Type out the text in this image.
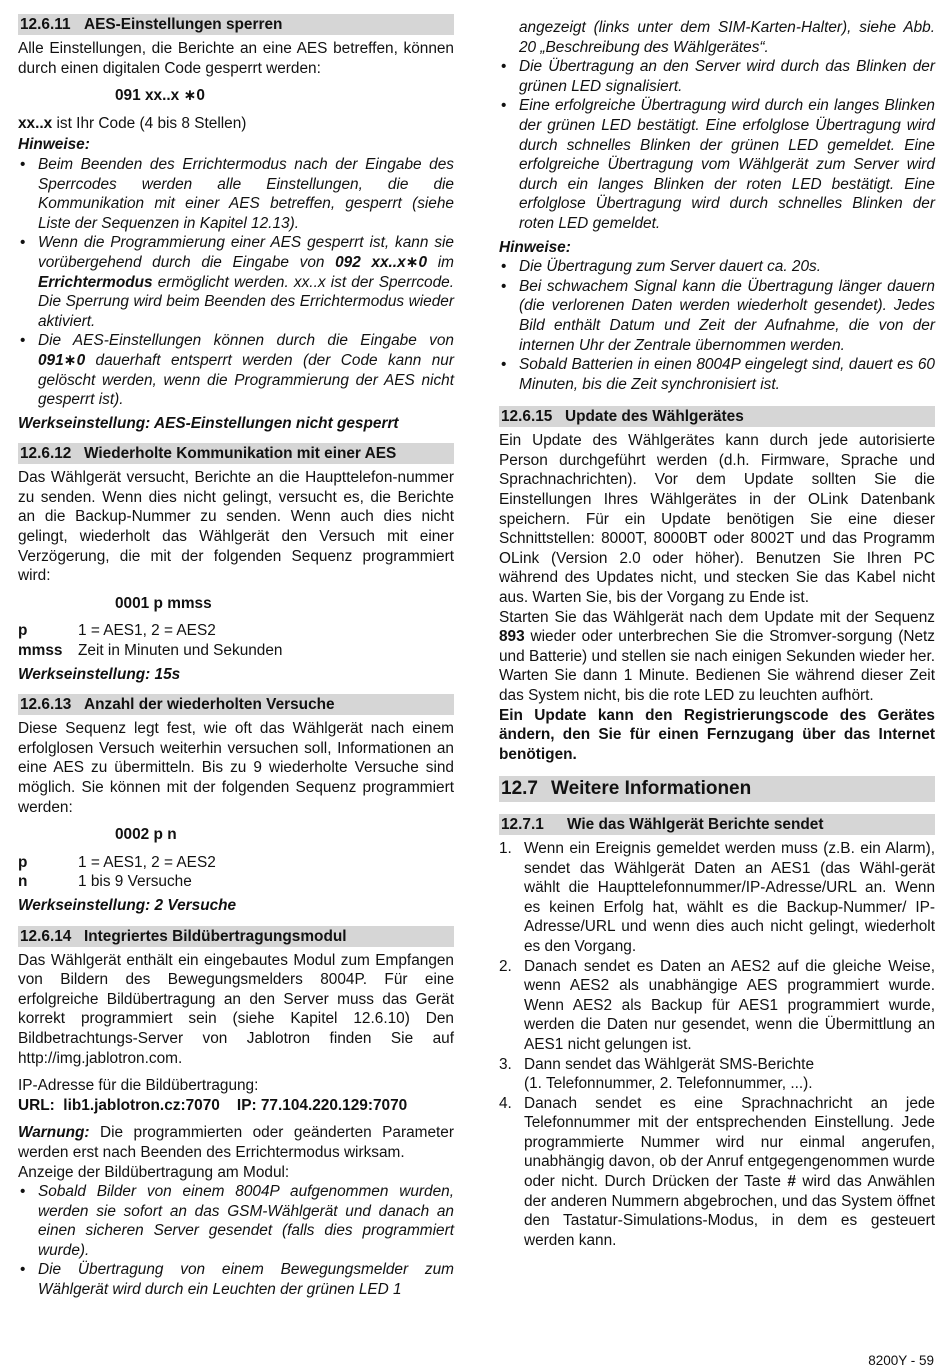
12.6.11 AES-Einstellungen sperren

Alle Einstellungen, die Berichte an eine AES betreffen, können durch einen digitalen Code gesperrt werden:

091 xx..x ∗0

xx..x ist Ihr Code (4 bis 8 Stellen)

Hinweise:
• Beim Beenden des Errichtermodus nach der Eingabe des Sperrcodes werden alle Einstellungen, die die Kommunikation mit einer AES betreffen, gesperrt (siehe Liste der Sequenzen in Kapitel 12.13).
• Wenn die Programmierung einer AES gesperrt ist, kann sie vorübergehend durch die Eingabe von 092 xx..x∗0 im Errichtermodus ermöglicht werden. xx..x ist der Sperrcode. Die Sperrung wird beim Beenden des Errichtermodus wieder aktiviert.
• Die AES-Einstellungen können durch die Eingabe von 091∗0 dauerhaft entsperrt werden (der Code kann nur gelöscht werden, wenn die Programmierung der AES nicht gesperrt ist).
Werkseinstellung: AES-Einstellungen nicht gesperrt
12.6.12 Wiederholte Kommunikation mit einer AES

Das Wählgerät versucht, Berichte an die Haupttelefon-nummer zu senden. Wenn dies nicht gelingt, versucht es, die Berichte an die Backup-Nummer zu senden. Wenn auch dies nicht gelingt, wiederholt das Wählgerät den Versuch mit einer Verzögerung, die mit der folgenden Sequenz programmiert wird:

0001 p mmss
p	1 = AES1, 2 = AES2
mmss	Zeit in Minuten und Sekunden
Werkseinstellung: 15s
12.6.13 Anzahl der wiederholten Versuche

Diese Sequenz legt fest, wie oft das Wählgerät nach einem erfolglosen Versuch weiterhin versuchen soll, Informationen an eine AES zu übermitteln. Bis zu 9 wiederholte Versuche sind möglich. Sie können mit der folgenden Sequenz programmiert werden:

0002 p n
p	1 = AES1, 2 = AES2
n	1 bis 9 Versuche
Werkseinstellung: 2 Versuche
12.6.14 Integriertes Bildübertragungsmodul

Das Wählgerät enthält ein eingebautes Modul zum Empfangen von Bildern des Bewegungsmelders 8004P. Für eine erfolgreiche Bildübertragung an den Server muss das Gerät korrekt programmiert sein (siehe Kapitel 12.6.10) Den Bildbetrachtungs-Server von Jablotron finden Sie auf http://img.jablotron.com.

IP-Adresse für die Bildübertragung:

URL:  lib1.jablotron.cz:7070    IP: 77.104.220.129:7070

Warnung: Die programmierten oder geänderten Parameter werden erst nach Beenden des Errichtermodus wirksam.

Anzeige der Bildübertragung am Modul:

• Sobald Bilder von einem 8004P aufgenommen wurden, werden sie sofort an das GSM-Wählgerät und danach an einen sicheren Server gesendet (falls dies programmiert wurde).
• Die Übertragung von einem Bewegungsmelder zum Wählgerät wird durch ein Leuchten der grünen LED 1

angezeigt (links unter dem SIM-Karten-Halter), siehe Abb. 20 „Beschreibung des Wählgerätes“.

• Die Übertragung an den Server wird durch das Blinken der grünen LED signalisiert.
• Eine erfolgreiche Übertragung wird durch ein langes Blinken der grünen LED bestätigt. Eine erfolglose Übertragung wird durch schnelles Blinken der grünen LED gemeldet. Eine erfolgreiche Übertragung vom Wählgerät zum Server wird durch ein langes Blinken der roten LED bestätigt. Eine erfolglose Übertragung wird durch schnelles Blinken der roten LED gemeldet.
Hinweise:
• Die Übertragung zum Server dauert ca. 20s.
• Bei schwachem Signal kann die Übertragung länger dauern (die verlorenen Daten werden wiederholt gesendet). Jedes Bild enthält Datum und Zeit der Aufnahme, die von der internen Uhr der Zentrale übernommen werden.
• Sobald Batterien in einen 8004P eingelegt sind, dauert es 60 Minuten, bis die Zeit synchronisiert ist.
12.6.15 Update des Wählgerätes

Ein Update des Wählgerätes kann durch jede autorisierte Person durchgeführt werden (d.h. Firmware, Sprache und Sprachnachrichten). Vor dem Update sollten Sie die Einstellungen Ihres Wählgerätes in der OLink Datenbank speichern. Für ein Update benötigen Sie eine dieser Schnittstellen: 8000T, 8000BT oder 8002T und das Programm OLink (Version 2.0 oder höher). Benutzen Sie Ihren PC während des Updates nicht, und stecken Sie das Kabel nicht aus. Warten Sie, bis der Vorgang zu Ende ist.

Starten Sie das Wählgerät nach dem Update mit der Sequenz 893 wieder oder unterbrechen Sie die Stromver-sorgung (Netz und Batterie) und stellen sie nach einigen Sekunden wieder her. Warten Sie dann 1 Minute. Bedienen Sie während dieser Zeit das System nicht, bis die rote LED zu leuchten aufhört.

Ein Update kann den Registrierungscode des Gerätes ändern, den Sie für einen Fernzugang über das Internet benötigen.

12.7 Weitere Informationen
12.7.1 Wie das Wählgerät Berichte sendet
1. Wenn ein Ereignis gemeldet werden muss (z.B. ein Alarm), sendet das Wählgerät Daten an AES1 (das Wähl-gerät wählt die Haupttelefonnummer/IP-Adresse/URL an. Wenn es keinen Erfolg hat, wählt es die Backup-Nummer/ IP-Adresse/URL und wenn dies auch nicht gelingt, wiederholt es den Vorgang.
2. Danach sendet es Daten an AES2 auf die gleiche Weise, wenn AES2 als unabhängige AES programmiert wurde. Wenn AES2 als Backup für AES1 programmiert wurde, werden die Daten nur gesendet, wenn die Übermittlung an AES1 nicht gelungen ist.
3. Dann sendet das Wählgerät SMS-Berichte
(1. Telefonnummer, 2. Telefonnummer, ...).
4. Danach sendet es eine Sprachnachricht an jede Telefonnummer mit der entsprechenden Einstellung. Jede programmierte Nummer wird nur einmal angerufen, unabhängig davon, ob der Anruf entgegengenommen wurde oder nicht. Durch Drücken der Taste # wird das Anwählen der anderen Nummern abgebrochen, und das System öffnet den Tastatur-Simulations-Modus, in dem es gesteuert werden kann.
8200Y - 59
